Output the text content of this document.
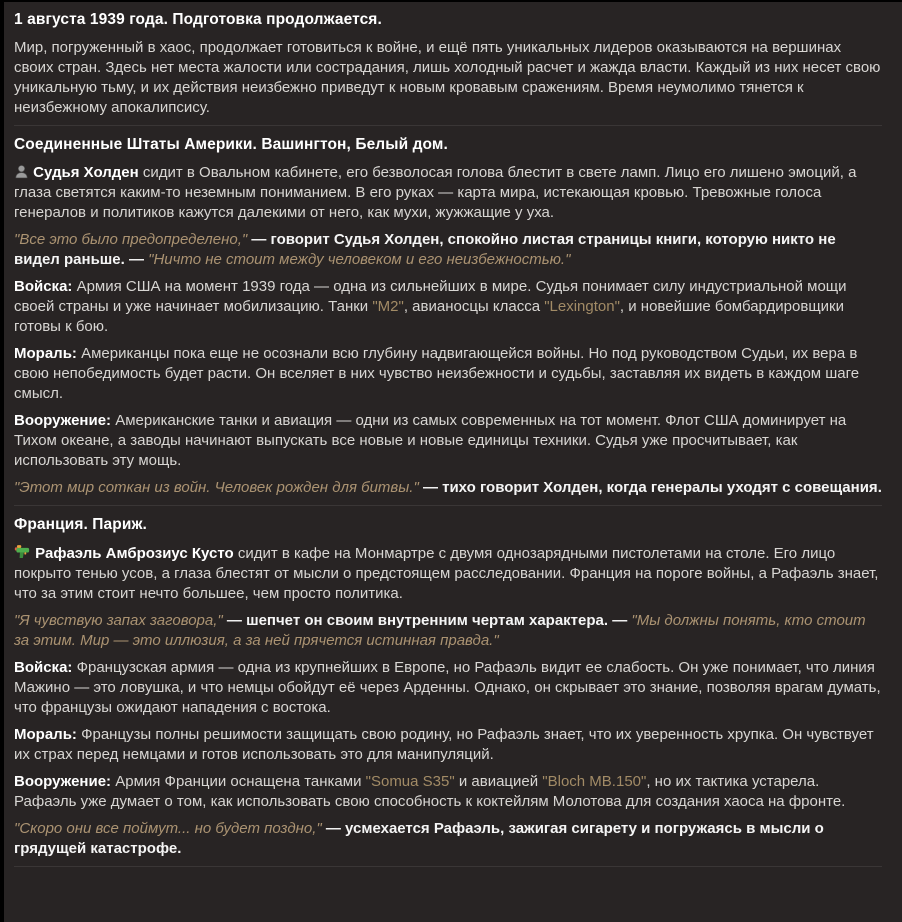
1 августа 1939 года. Подготовка продолжается.

Мир, погруженный в хаос, продолжает готовиться к войне, и ещё пять уникальных лидеров оказываются на вершинах своих стран. Здесь нет места жалости или сострадания, лишь холодный расчет и жажда власти. Каждый из них несет свою уникальную тьму, и их действия неизбежно приведут к новым кровавым сражениям. Время неумолимо тянется к неизбежному апокалипсису.

Соединенные Штаты Америки. Вашингтон, Белый дом.

Судья Холден сидит в Овальном кабинете, его безволосая голова блестит в свете ламп. Лицо его лишено эмоций, а глаза светятся каким-то неземным пониманием. В его руках — карта мира, истекающая кровью. Тревожные голоса генералов и политиков кажутся далекими от него, как мухи, жужжащие у уха.

"Все это было предопределено," — говорит Судья Холден, спокойно листая страницы книги, которую никто не видел раньше. — "Ничто не стоит между человеком и его неизбежностью."

Войска: Армия США на момент 1939 года — одна из сильнейших в мире. Судья понимает силу индустриальной мощи своей страны и уже начинает мобилизацию. Танки "М2", авианосцы класса "Lexington", и новейшие бомбардировщики готовы к бою.

Мораль: Американцы пока еще не осознали всю глубину надвигающейся войны. Но под руководством Судьи, их вера в свою непобедимость будет расти. Он вселяет в них чувство неизбежности и судьбы, заставляя их видеть в каждом шаге смысл.

Вооружение: Американские танки и авиация — одни из самых современных на тот момент. Флот США доминирует на Тихом океане, а заводы начинают выпускать все новые и новые единицы техники. Судья уже просчитывает, как использовать эту мощь.

"Этот мир соткан из войн. Человек рожден для битвы." — тихо говорит Холден, когда генералы уходят с совещания.

Франция. Париж.

Рафаэль Амброзиус Кусто сидит в кафе на Монмартре с двумя однозарядными пистолетами на столе. Его лицо покрыто тенью усов, а глаза блестят от мысли о предстоящем расследовании. Франция на пороге войны, а Рафаэль знает, что за этим стоит нечто большее, чем просто политика.

"Я чувствую запах заговора," — шепчет он своим внутренним чертам характера. — "Мы должны понять, кто стоит за этим. Мир — это иллюзия, а за ней прячется истинная правда."

Войска: Французская армия — одна из крупнейших в Европе, но Рафаэль видит ее слабость. Он уже понимает, что линия Мажино — это ловушка, и что немцы обойдут её через Арденны. Однако, он скрывает это знание, позволяя врагам думать, что французы ожидают нападения с востока.

Мораль: Французы полны решимости защищать свою родину, но Рафаэль знает, что их уверенность хрупка. Он чувствует их страх перед немцами и готов использовать это для манипуляций.

Вооружение: Армия Франции оснащена танками "Somua S35" и авиацией "Bloch MB.150", но их тактика устарела. Рафаэль уже думает о том, как использовать свою способность к коктейлям Молотова для создания хаоса на фронте.

"Скоро они все поймут... но будет поздно," — усмехается Рафаэль, зажигая сигарету и погружаясь в мысли о грядущей катастрофе.
